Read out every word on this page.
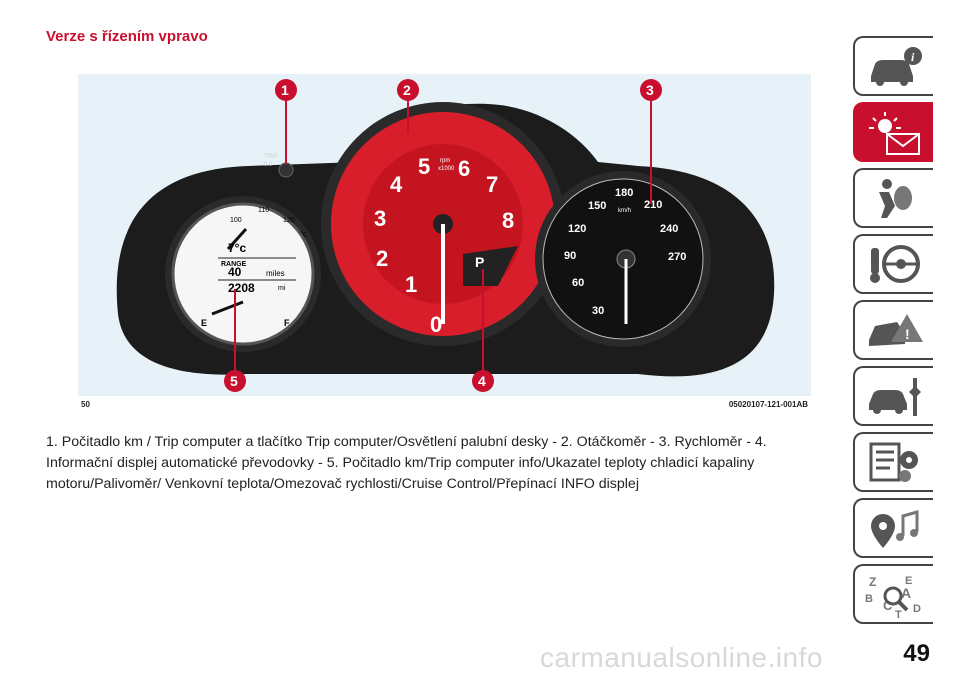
Verze s řízením vpravo
100
110
120
°c
7°c
RANGE
40	miles
2208	mi
E	F
TRIP
0.0
0
1
2
3
4
5 6
7
8
rpm
x1000
P
30
60
90
120
150
180
210
240
270
km/h
1	2	3
4
5
50	05020107-121-001AB
1. Počitadlo km / Trip computer a tlačítko Trip computer/Osvětlení palubní desky - 2. Otáčkoměr - 3. Rychloměr - 4. Informační displej automatické převodovky - 5. Počitadlo km/Trip computer info/Ukazatel teploty chladicí kapaliny motoru/Palivoměr/ Venkovní teplota/Omezovač rychlosti/Cruise Control/Přepínací INFO displej
i
!
Z	E
A
B C
T D
carmanualsonline.info	49
